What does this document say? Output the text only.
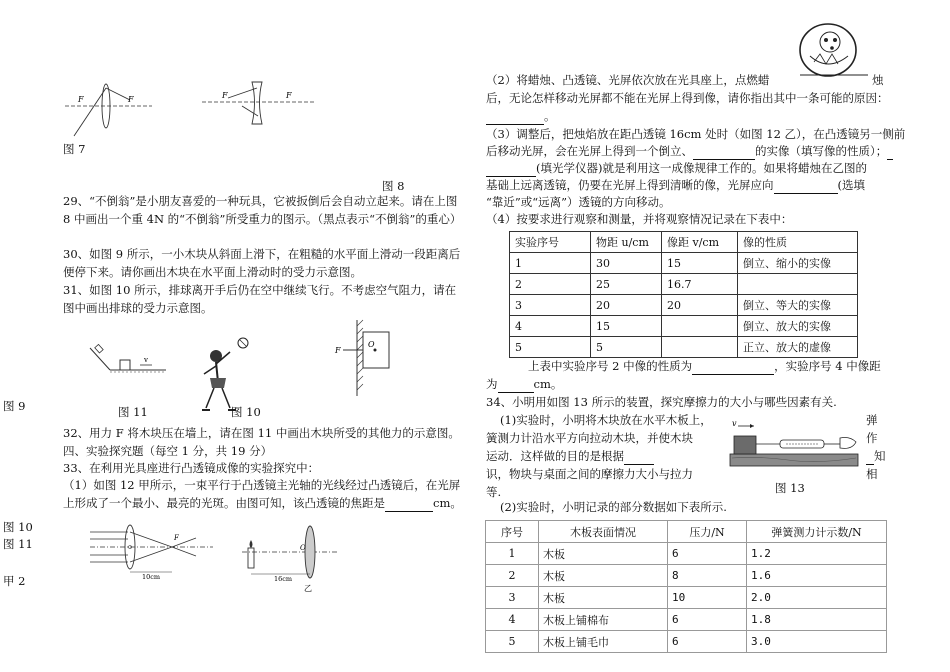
F	F
图 7
F	F
图 8
29、“不倒翁”是小朋友喜爱的一种玩具，它被扳倒后会自动立起来。请在上图 8 中画出一个重 4N 的“不倒翁”所受重力的图示。（黑点表示“不倒翁”的重心）
30、如图 9 所示，一小木块从斜面上滑下，在粗糙的水平面上滑动一段距离后便停下来。请你画出木块在水平面上滑动时的受力示意图。
31、如图 10 所示，排球离开手后仍在空中继续飞行。不考虑空气阻力，请在图中画出排球的受力示意图。
v
F
O
图 9	图 11	图 10
32、用力 F 将木块压在墙上，请在图 11 中画出木块所受的其他力的示意图。
四、实验探究题（每空 1 分，共 19 分）
33、在利用光具座进行凸透镜成像的实验探究中：
（1）如图 12 甲所示，一束平行于凸透镜主光轴的光线经过凸透镜后，在光屏上形成了一个最小、最亮的光斑。由图可知，该凸透镜的焦距是	cm。
图 10
图 11
甲 2
F
10cm
O
16cm
乙
（2）将蜡烛、凸透镜、光屏依次放在光具座上，点燃蜡	烛
后，无论怎样移动光屏都不能在光屏上得到像，请你指出其中一条可能的原因：
。
（3）调整后，把烛焰放在距凸透镜 16cm 处时（如图 12 乙），在凸透镜另一侧前
后移动光屏，会在光屏上得到一个倒立、	的实像（填写像的性质）；
(填光学仪器)就是利用这一成像规律工作的。如果将蜡烛在乙图的
基础上远离透镜，仍要在光屏上得到清晰的像，光屏应向	(选填
“靠近”或“远离”）透镜的方向移动。
（4）按要求进行观察和测量，并将观察情况记录在下表中：
实验序号	物距 u/cm	像距 v/cm	像的性质
1	30	15	倒立、缩小的实像
2	25	16.7	
3	20	20	倒立、等大的实像
4	15		倒立、放大的实像
5	5		正立、放大的虚像
上表中实验序号 2 中像的性质为	，实验序号 4 中像距
为	cm。
34、小明用如图 13 所示的装置，探究摩擦力的大小与哪些因素有关.
(1)实验时，小明将木块放在水平木板上，
簧测力计沿水平方向拉动木块，并使木块
运动．这样做的目的是根据
识，物块与桌面之间的摩擦力大小与拉力
等.
弹
作
知
相
v
图 13
(2)实验时，小明记录的部分数据如下表所示.
序号	木板表面情况	压力/N	弹簧测力计示数/N
1	木板	6	1.2
2	木板	8	1.6
3	木板	10	2.0
4	木板上铺棉布	6	1.8
5	木板上铺毛巾	6	3.0
